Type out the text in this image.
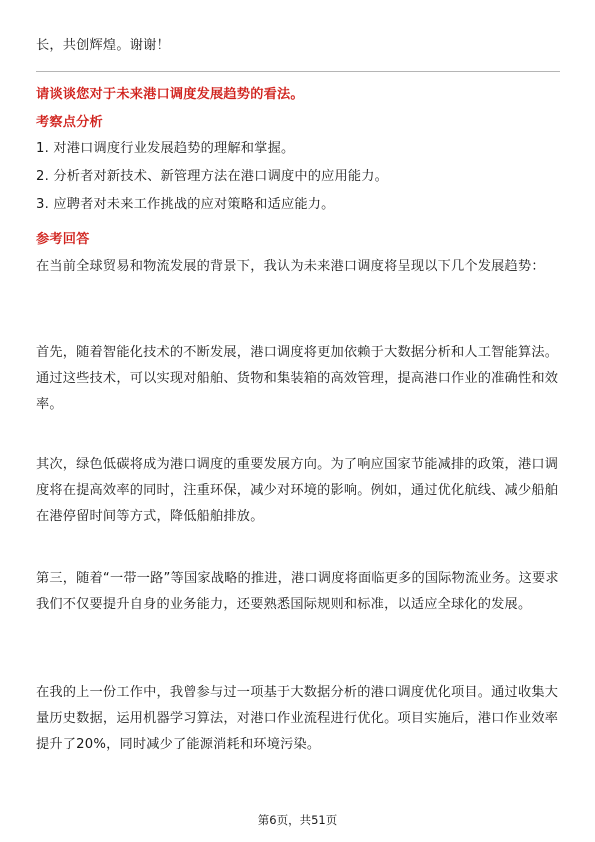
长，共创辉煌。谢谢！

请谈谈您对于未来港口调度发展趋势的看法。

考察点分析

1. 对港口调度行业发展趋势的理解和掌握。

2. 分析者对新技术、新管理方法在港口调度中的应用能力。

3. 应聘者对未来工作挑战的应对策略和适应能力。

参考回答

在当前全球贸易和物流发展的背景下，我认为未来港口调度将呈现以下几个发展趋势：

首先，随着智能化技术的不断发展，港口调度将更加依赖于大数据分析和人工智能算法。通过这些技术，可以实现对船舶、货物和集装箱的高效管理，提高港口作业的准确性和效率。

其次，绿色低碳将成为港口调度的重要发展方向。为了响应国家节能减排的政策，港口调度将在提高效率的同时，注重环保，减少对环境的影响。例如，通过优化航线、减少船舶在港停留时间等方式，降低船舶排放。

第三，随着“一带一路”等国家战略的推进，港口调度将面临更多的国际物流业务。这要求我们不仅要提升自身的业务能力，还要熟悉国际规则和标准，以适应全球化的发展。

在我的上一份工作中，我曾参与过一项基于大数据分析的港口调度优化项目。通过收集大量历史数据，运用机器学习算法，对港口作业流程进行优化。项目实施后，港口作业效率提升了20%，同时减少了能源消耗和环境污染。

第6页，共51页
